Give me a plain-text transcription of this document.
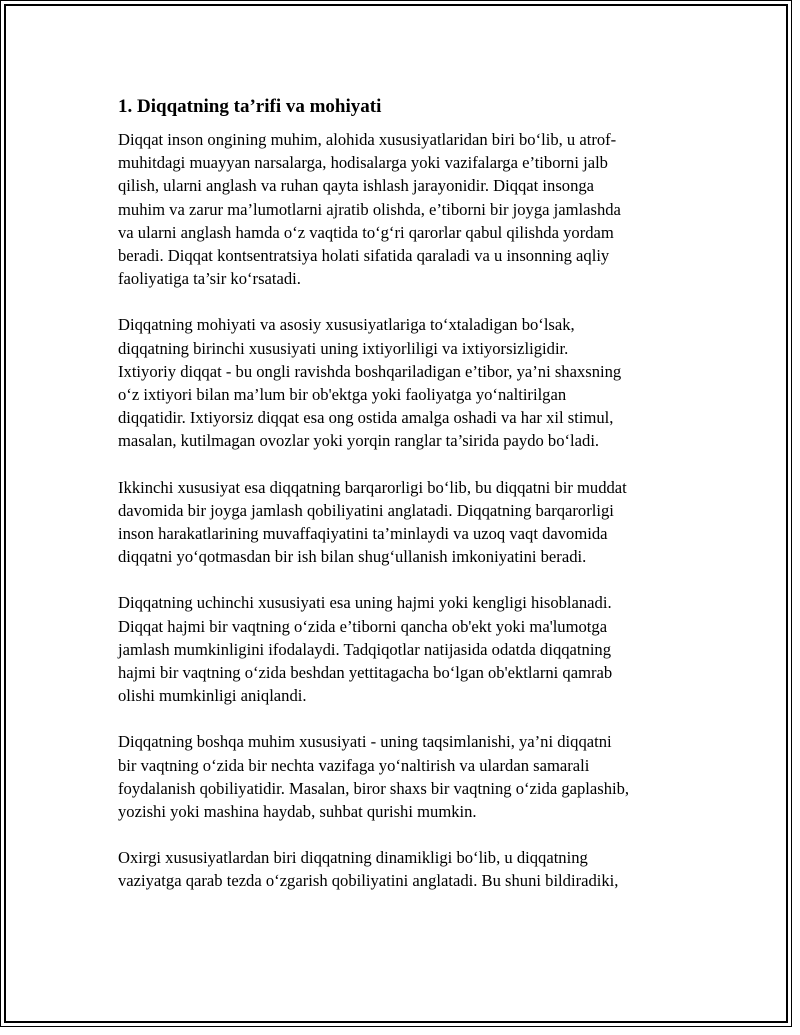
1. Diqqatning ta’rifi va mohiyati

Diqqat inson ongining muhim, alohida xususiyatlaridan biri bo‘lib, u atrof-
muhitdagi muayyan narsalarga, hodisalarga yoki vazifalarga e’tiborni jalb
qilish, ularni anglash va ruhan qayta ishlash jarayonidir. Diqqat insonga
muhim va zarur ma’lumotlarni ajratib olishda, e’tiborni bir joyga jamlashda
va ularni anglash hamda o‘z vaqtida to‘g‘ri qarorlar qabul qilishda yordam
beradi. Diqqat kontsentratsiya holati sifatida qaraladi va u insonning aqliy
faoliyatiga ta’sir ko‘rsatadi.

Diqqatning mohiyati va asosiy xususiyatlariga to‘xtaladigan bo‘lsak,
diqqatning birinchi xususiyati uning ixtiyorliligi va ixtiyorsizligidir.
Ixtiyoriy diqqat - bu ongli ravishda boshqariladigan e’tibor, ya’ni shaxsning
o‘z ixtiyori bilan ma’lum bir ob'ektga yoki faoliyatga yo‘naltirilgan
diqqatidir. Ixtiyorsiz diqqat esa ong ostida amalga oshadi va har xil stimul,
masalan, kutilmagan ovozlar yoki yorqin ranglar ta’sirida paydo bo‘ladi.

Ikkinchi xususiyat esa diqqatning barqarorligi bo‘lib, bu diqqatni bir muddat
davomida bir joyga jamlash qobiliyatini anglatadi. Diqqatning barqarorligi
inson harakatlarining muvaffaqiyatini ta’minlaydi va uzoq vaqt davomida
diqqatni yo‘qotmasdan bir ish bilan shug‘ullanish imkoniyatini beradi.

Diqqatning uchinchi xususiyati esa uning hajmi yoki kengligi hisoblanadi.
Diqqat hajmi bir vaqtning o‘zida e’tiborni qancha ob'ekt yoki ma'lumotga
jamlash mumkinligini ifodalaydi. Tadqiqotlar natijasida odatda diqqatning
hajmi bir vaqtning o‘zida beshdan yettitagacha bo‘lgan ob'ektlarni qamrab
olishi mumkinligi aniqlandi.

Diqqatning boshqa muhim xususiyati - uning taqsimlanishi, ya’ni diqqatni
bir vaqtning o‘zida bir nechta vazifaga yo‘naltirish va ulardan samarali
foydalanish qobiliyatidir. Masalan, biror shaxs bir vaqtning o‘zida gaplashib,
yozishi yoki mashina haydab, suhbat qurishi mumkin.

Oxirgi xususiyatlardan biri diqqatning dinamikligi bo‘lib, u diqqatning
vaziyatga qarab tezda o‘zgarish qobiliyatini anglatadi. Bu shuni bildiradiki,
